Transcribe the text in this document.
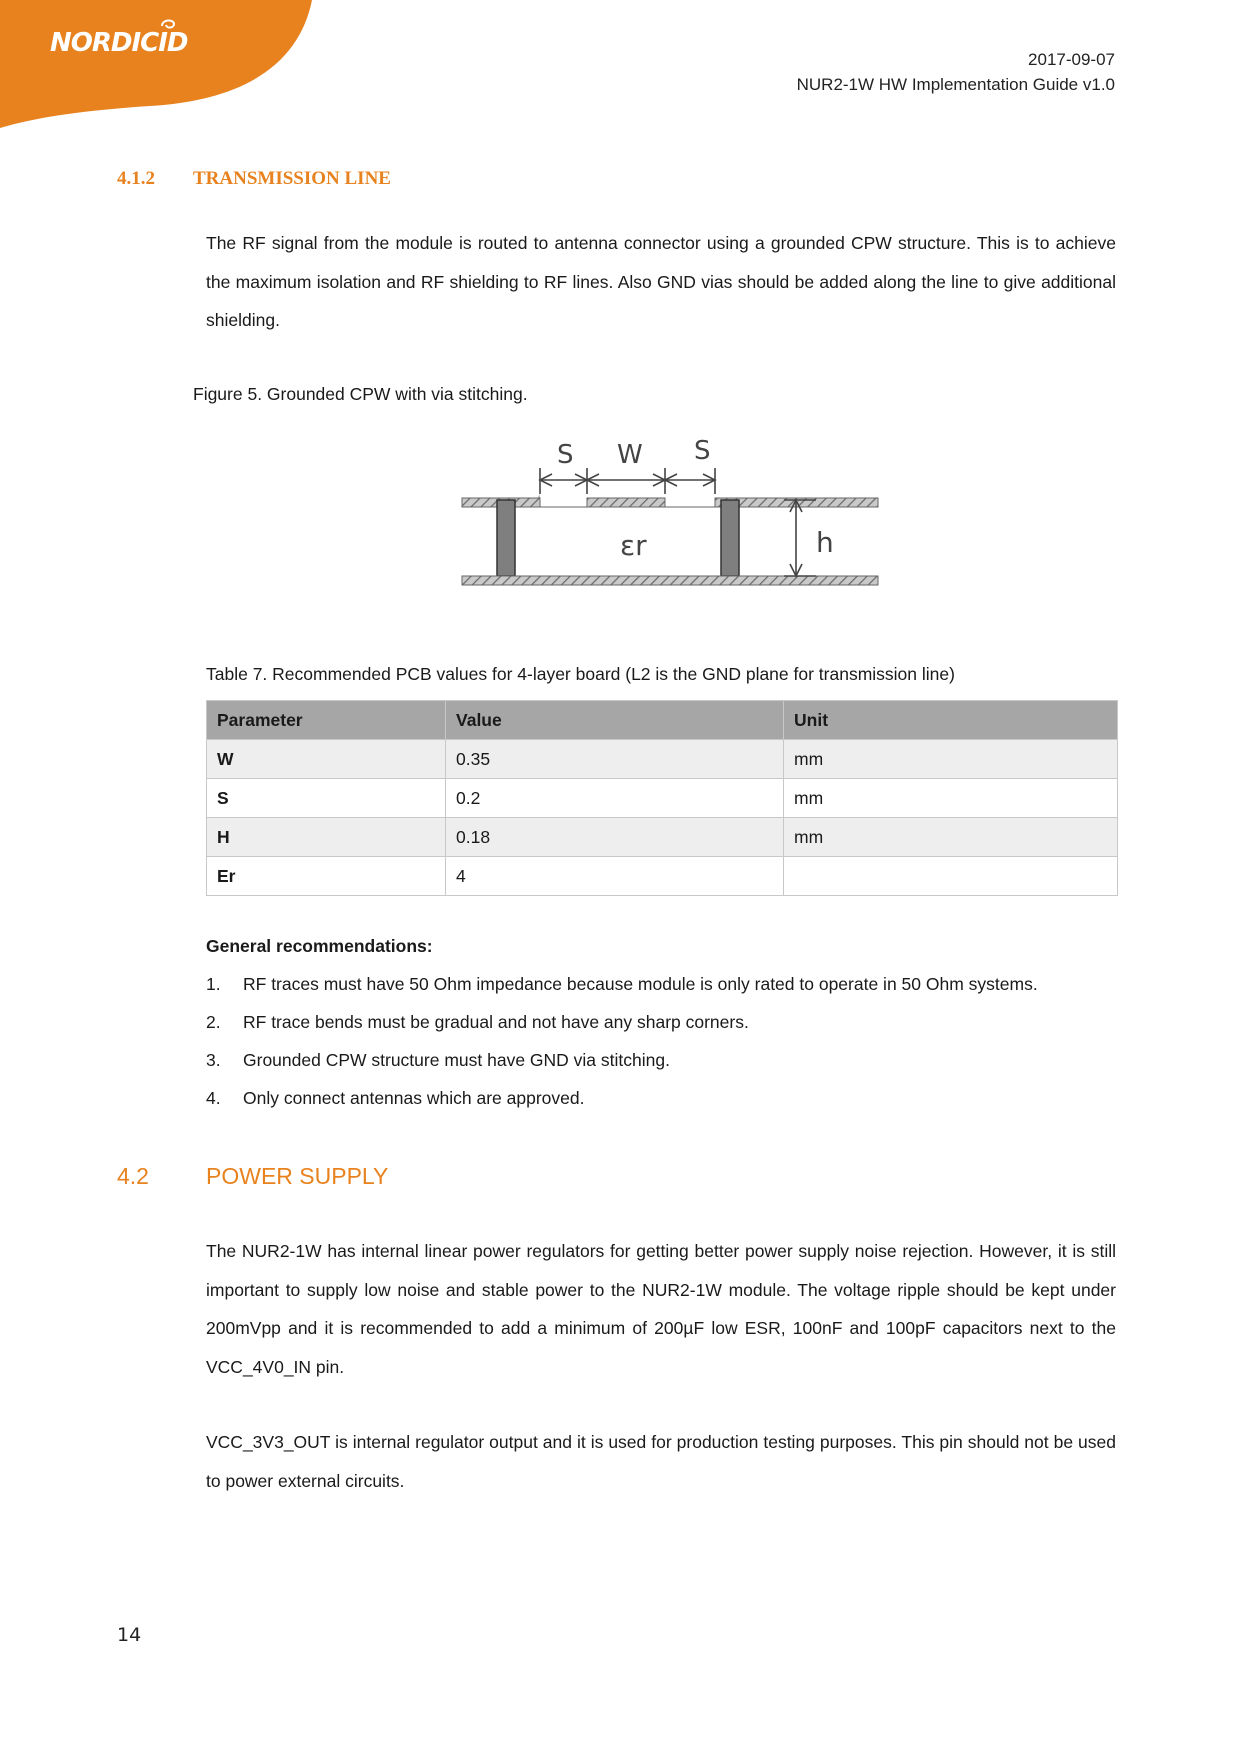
NORDICID
2017-09-07
NUR2-1W HW Implementation Guide v1.0
4.1.2 TRANSMISSION LINE
The RF signal from the module is routed to antenna connector using a grounded CPW structure. This is to achieve the maximum isolation and RF shielding to RF lines. Also GND vias should be added along the line to give additional shielding.
Figure 5. Grounded CPW with via stitching.
S W S
εr	h
Table 7. Recommended PCB values for 4-layer board (L2 is the GND plane for transmission line)
Parameter	Value	Unit
W	0.35	mm
S	0.2	mm
H	0.18	mm
Er	4	
General recommendations:
1. RF traces must have 50 Ohm impedance because module is only rated to operate in 50 Ohm systems.
2. RF trace bends must be gradual and not have any sharp corners.
3. Grounded CPW structure must have GND via stitching.
4. Only connect antennas which are approved.
4.2 POWER SUPPLY
The NUR2-1W has internal linear power regulators for getting better power supply noise rejection. However, it is still important to supply low noise and stable power to the NUR2-1W module. The voltage ripple should be kept under 200mVpp and it is recommended to add a minimum of 200µF low ESR, 100nF and 100pF capacitors next to the VCC_4V0_IN pin.
VCC_3V3_OUT is internal regulator output and it is used for production testing purposes. This pin should not be used to power external circuits.
14
